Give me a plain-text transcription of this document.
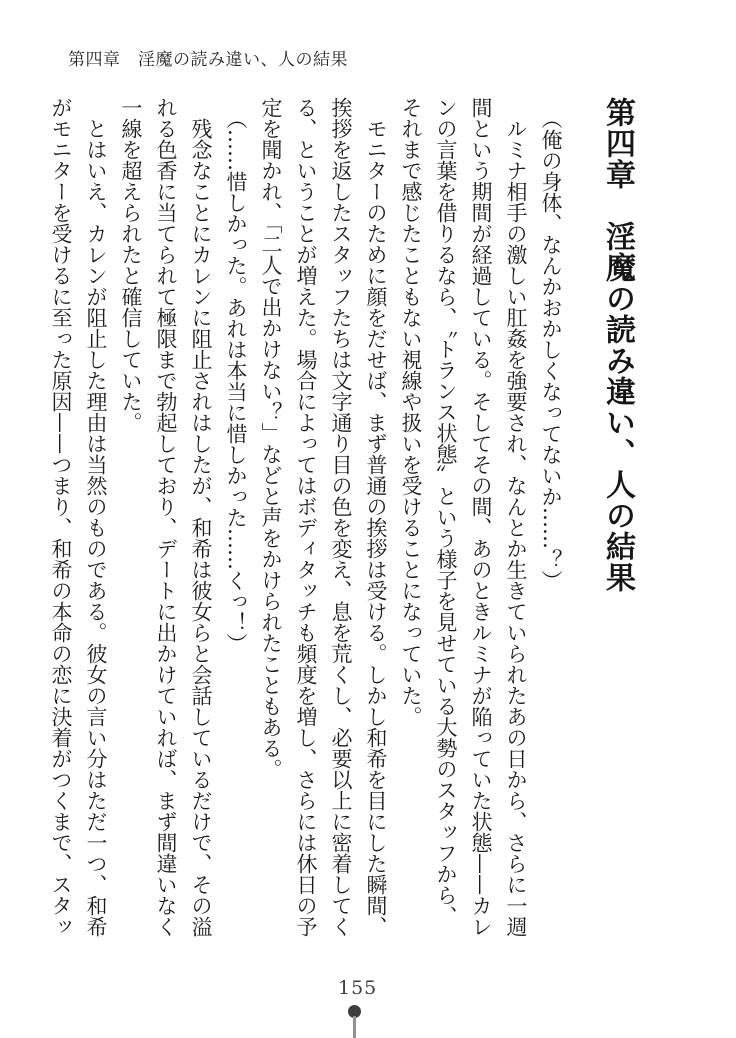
第四章　淫魔の読み違い、人の結果
第四章　淫魔の読み違い、人の結果

（俺の身体、なんかおかしくなってないか……？）

ルミナ相手の激しい肛姦を強要され、なんとか生きていられたあの日から、さらに一週間という期間が経過している。そしてその間、あのときルミナが陥っていた状態——カレンの言葉を借りるなら、〝トランス状態〟という様子を見せている大勢のスタッフから、それまで感じたこともない視線や扱いを受けることになっていた。

モニターのために顔をだせば、まず普通の挨拶は受ける。しかし和希を目にした瞬間、挨拶を返したスタッフたちは文字通り目の色を変え、息を荒くし、必要以上に密着してくる、ということが増えた。場合によってはボディタッチも頻度を増し、さらには休日の予定を聞かれ、「二人で出かけない？」などと声をかけられたこともある。

（……惜しかった。あれは本当に惜しかった……くっ！）

残念なことにカレンに阻止されはしたが、和希は彼女らと会話しているだけで、その溢れる色香に当てられて極限まで勃起しており、デートに出かけていれば、まず間違いなく一線を超えられたと確信していた。

とはいえ、カレンが阻止した理由は当然のものである。彼女の言い分はただ一つ、和希がモニターを受けるに至った原因——つまり、和希の本命の恋に決着がつくまで、スタッ

155
